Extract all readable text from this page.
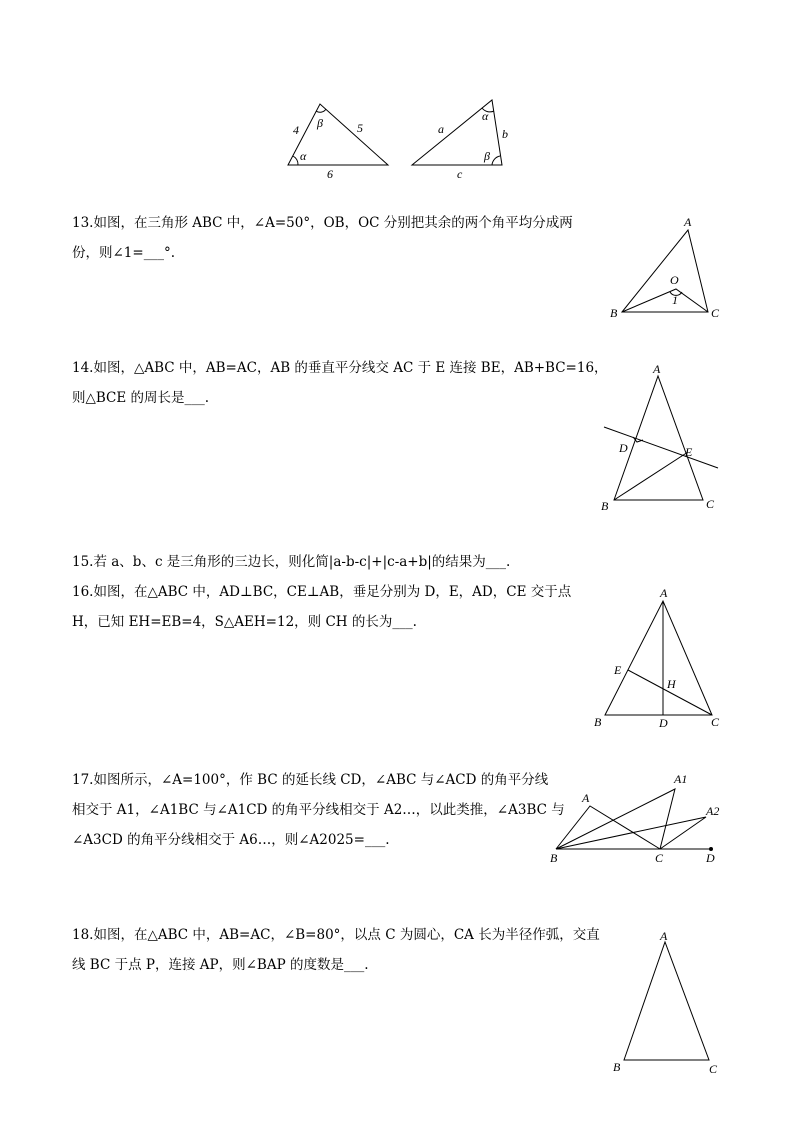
4	5
6
α
β	a	b
c
α
β

13.如图，在三角形 ABC 中，∠A=50°，OB，OC 分别把其余的两个角平均分成两

份，则∠1=___°.

A
B	C
O
1

14.如图，△ABC 中，AB=AC，AB 的垂直平分线交 AC 于 E 连接 BE，AB+BC=16，

则△BCE 的周长是___.

A
B	C
D	E

15.若 a、b、c 是三角形的三边长，则化简|a-b-c|+|c-a+b|的结果为___.

16.如图，在△ABC 中，AD⊥BC，CE⊥AB，垂足分别为 D，E，AD，CE 交于点

H，已知 EH=EB=4，S△AEH=12，则 CH 的长为___.

A
B	C
D
E
H

17.如图所示，∠A=100°，作 BC 的延长线 CD，∠ABC 与∠ACD 的角平分线

相交于 A1，∠A1BC 与∠A1CD 的角平分线相交于 A2…，以此类推，∠A3BC 与

∠A3CD 的角平分线相交于 A6…，则∠A2025=___.

A
A1
A2
B	C	D

18.如图，在△ABC 中，AB=AC，∠B=80°，以点 C 为圆心，CA 长为半径作弧，交直

线 BC 于点 P，连接 AP，则∠BAP 的度数是___.

A
B	C
